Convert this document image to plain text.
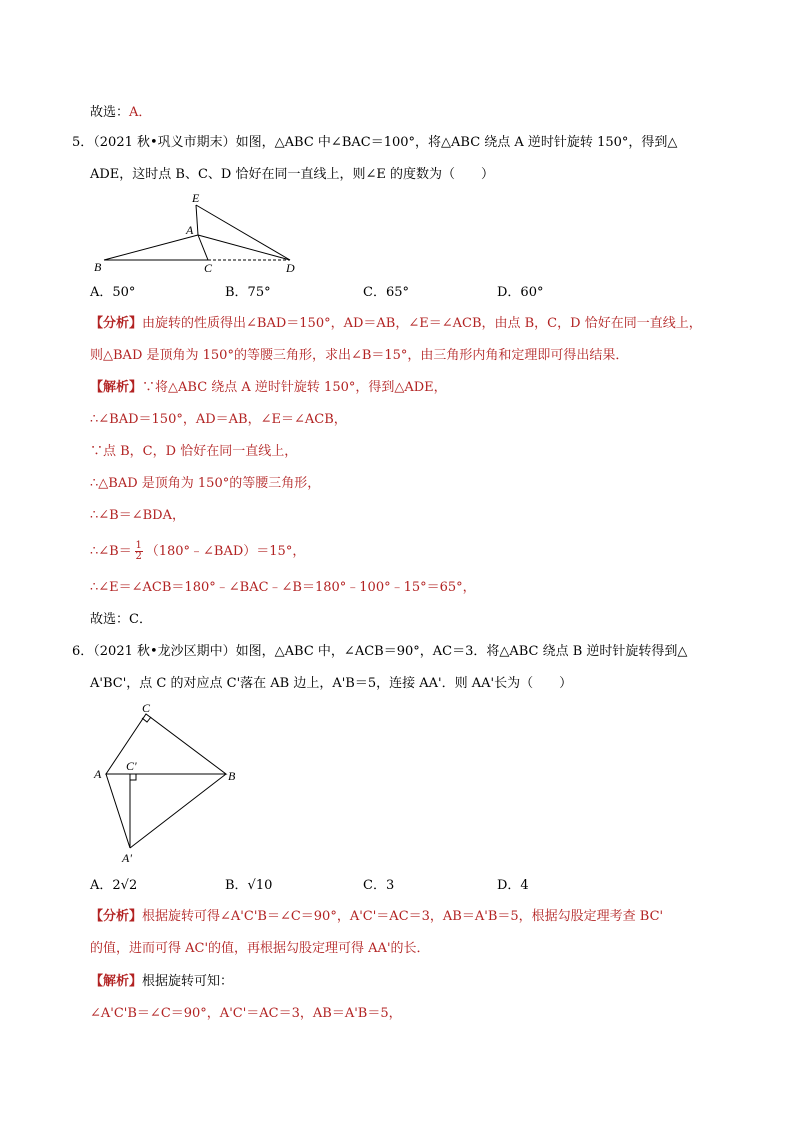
故选：A．
5．（2021 秋•巩义市期末）如图，△ABC 中∠BAC＝100°，将△ABC 绕点 A 逆时针旋转 150°，得到△
ADE，这时点 B、C、D 恰好在同一直线上，则∠E 的度数为（　　）
E
A
B	C	D
A．50°	B．75°	C．65°	D．60°
【分析】由旋转的性质得出∠BAD＝150°，AD＝AB，∠E＝∠ACB，由点 B，C，D 恰好在同一直线上，
则△BAD 是顶角为 150°的等腰三角形，求出∠B＝15°，由三角形内角和定理即可得出结果．
【解析】∵将△ABC 绕点 A 逆时针旋转 150°，得到△ADE，
∴∠BAD＝150°，AD＝AB，∠E＝∠ACB，
∵点 B，C，D 恰好在同一直线上，
∴△BAD 是顶角为 150°的等腰三角形，
∴∠B＝∠BDA，
∴∠B＝ $\frac{1}{2}$ （180°﹣∠BAD）＝15°，
∴∠E＝∠ACB＝180°﹣∠BAC﹣∠B＝180°﹣100°﹣15°＝65°，
故选：C．
6．（2021 秋•龙沙区期中）如图，△ABC 中，∠ACB＝90°，AC＝3．将△ABC 绕点 B 逆时针旋转得到△
A'BC'，点 C 的对应点 C'落在 AB 边上，A'B＝5，连接 AA'．则 AA'长为（　　）
C
C'
A	B
A'
A．2√2	B．√10	C．3	D．4
【分析】根据旋转可得∠A'C'B＝∠C＝90°，A'C'＝AC＝3，AB＝A'B＝5，根据勾股定理考查 BC'
的值，进而可得 AC'的值，再根据勾股定理可得 AA'的长．
【解析】根据旋转可知：
∠A'C'B＝∠C＝90°，A'C'＝AC＝3，AB＝A'B＝5，
